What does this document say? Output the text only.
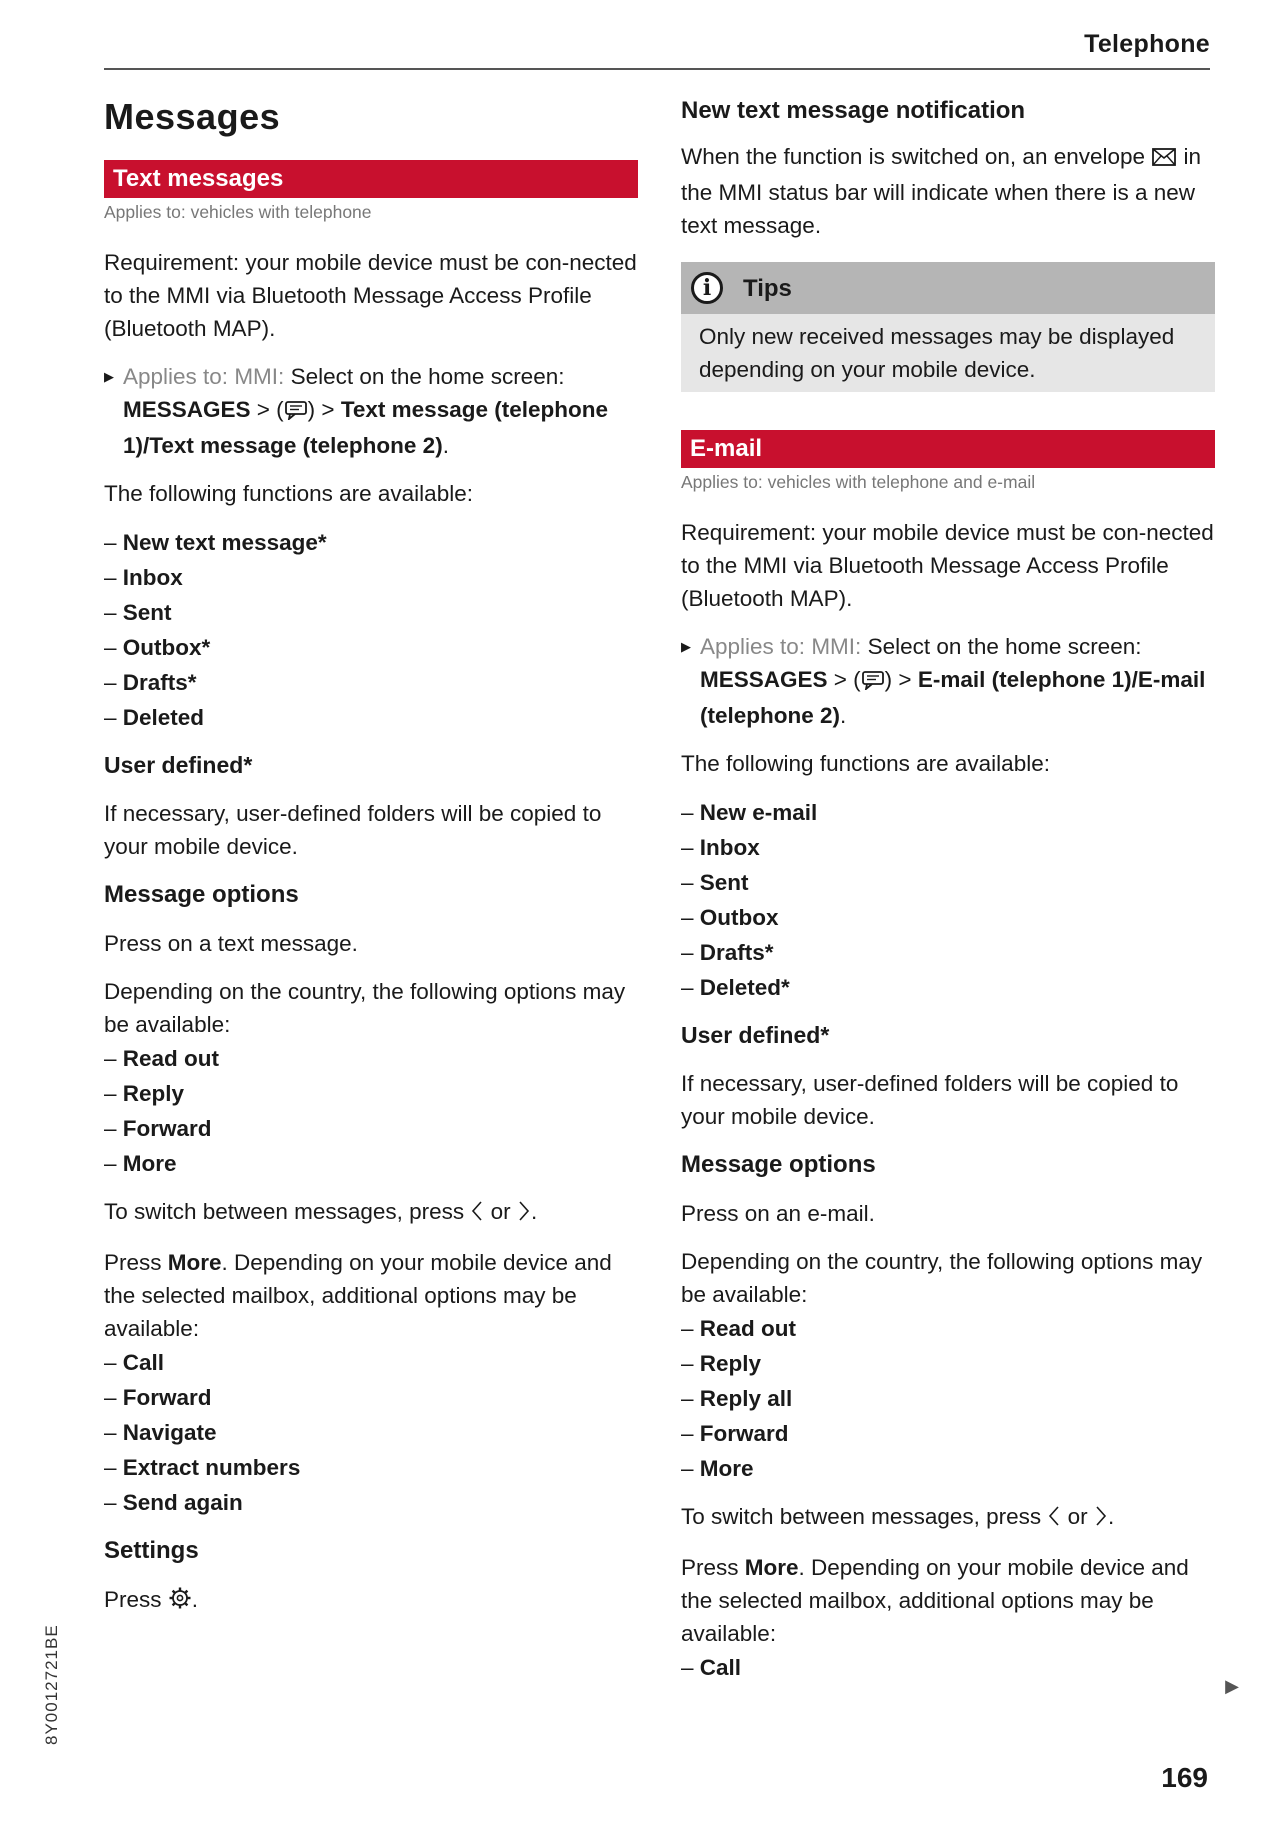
Telephone
Messages
Text messages
Applies to: vehicles with telephone

Requirement: your mobile device must be con-nected to the MMI via Bluetooth Message Access Profile (Bluetooth MAP).

▶ Applies to: MMI: Select on the home screen: MESSAGES > ( ) > Text message (telephone 1)/Text message (telephone 2).

The following functions are available:

– New text message*
– Inbox
– Sent
– Outbox*
– Drafts*
– Deleted
User defined*

If necessary, user-defined folders will be copied to your mobile device.

Message options

Press on a text message.

Depending on the country, the following options may be available:

– Read out
– Reply
– Forward
– More

To switch between messages, press  or .

Press More. Depending on your mobile device and the selected mailbox, additional options may be available:

– Call
– Forward
– Navigate
– Extract numbers
– Send again
Settings

Press .

New text message notification

When the function is switched on, an envelope  in the MMI status bar will indicate when there is a new text message.

i	Tips
Only new received messages may be displayed depending on your mobile device.
E-mail
Applies to: vehicles with telephone and e-mail

Requirement: your mobile device must be con-nected to the MMI via Bluetooth Message Access Profile (Bluetooth MAP).

▶ Applies to: MMI: Select on the home screen: MESSAGES > ( ) > E-mail (telephone 1)/E-mail (telephone 2).

The following functions are available:

– New e-mail
– Inbox
– Sent
– Outbox
– Drafts*
– Deleted*
User defined*

If necessary, user-defined folders will be copied to your mobile device.

Message options

Press on an e-mail.

Depending on the country, the following options may be available:

– Read out
– Reply
– Reply all
– Forward
– More

To switch between messages, press  or .

Press More. Depending on your mobile device and the selected mailbox, additional options may be available:

– Call
▶
8Y0012721BE
169
